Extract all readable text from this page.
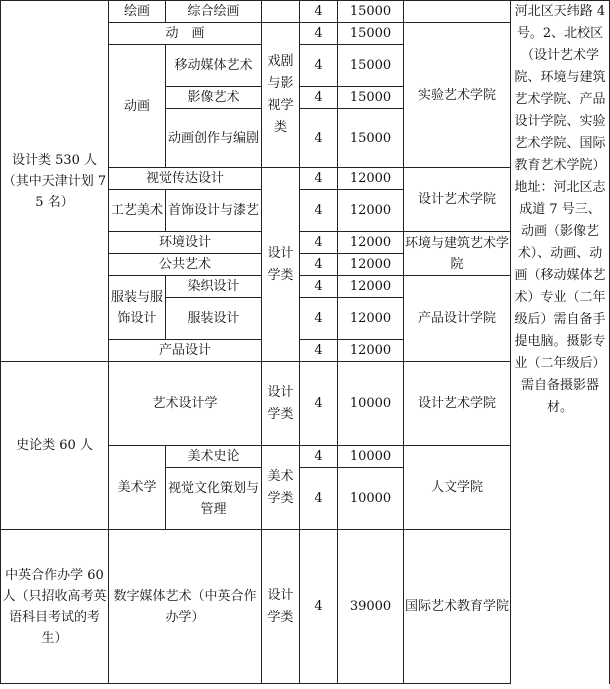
设计类 530 人（其中天津计划 75 名）	绘画	综合绘画		4	15000		河北区天纬路 4 号。2、北校区（设计艺术学院、环境与建筑艺术学院、产品设计学院、实验艺术学院、国际教育艺术学院）地址：河北区志成道 7 号三、动画（影像艺术）、动画、动画（移动媒体艺术）专业（二年级后）需自备手提电脑。摄影专业（二年级后）需自备摄影器材。
	动　画		戏剧与影视学类	4	15000	实验艺术学院	
	动画	移动媒体艺术		4	15000		
		影像艺术		4	15000		
		动画创作与编剧		4	15000		
	视觉传达设计		设计学类	4	12000	设计艺术学院	
	工艺美术	首饰设计与漆艺		4	12000		
	环境设计			4	12000	环境与建筑艺术学院	
	公共艺术			4	12000		
	服装与服饰设计	染织设计		4	12000	产品设计学院	
		服装设计		4	12000		
	产品设计			4	12000		
史论类 60 人	艺术设计学		设计学类	4	10000	设计艺术学院	
	美术学	美术史论	美术学类	4	10000	人文学院	
		视觉文化策划与管理		4	10000		
中英合作办学 60 人（只招收高考英语科目考试的考生）	数字媒体艺术（中英合作办学）		设计学类	4	39000	国际艺术教育学院	
